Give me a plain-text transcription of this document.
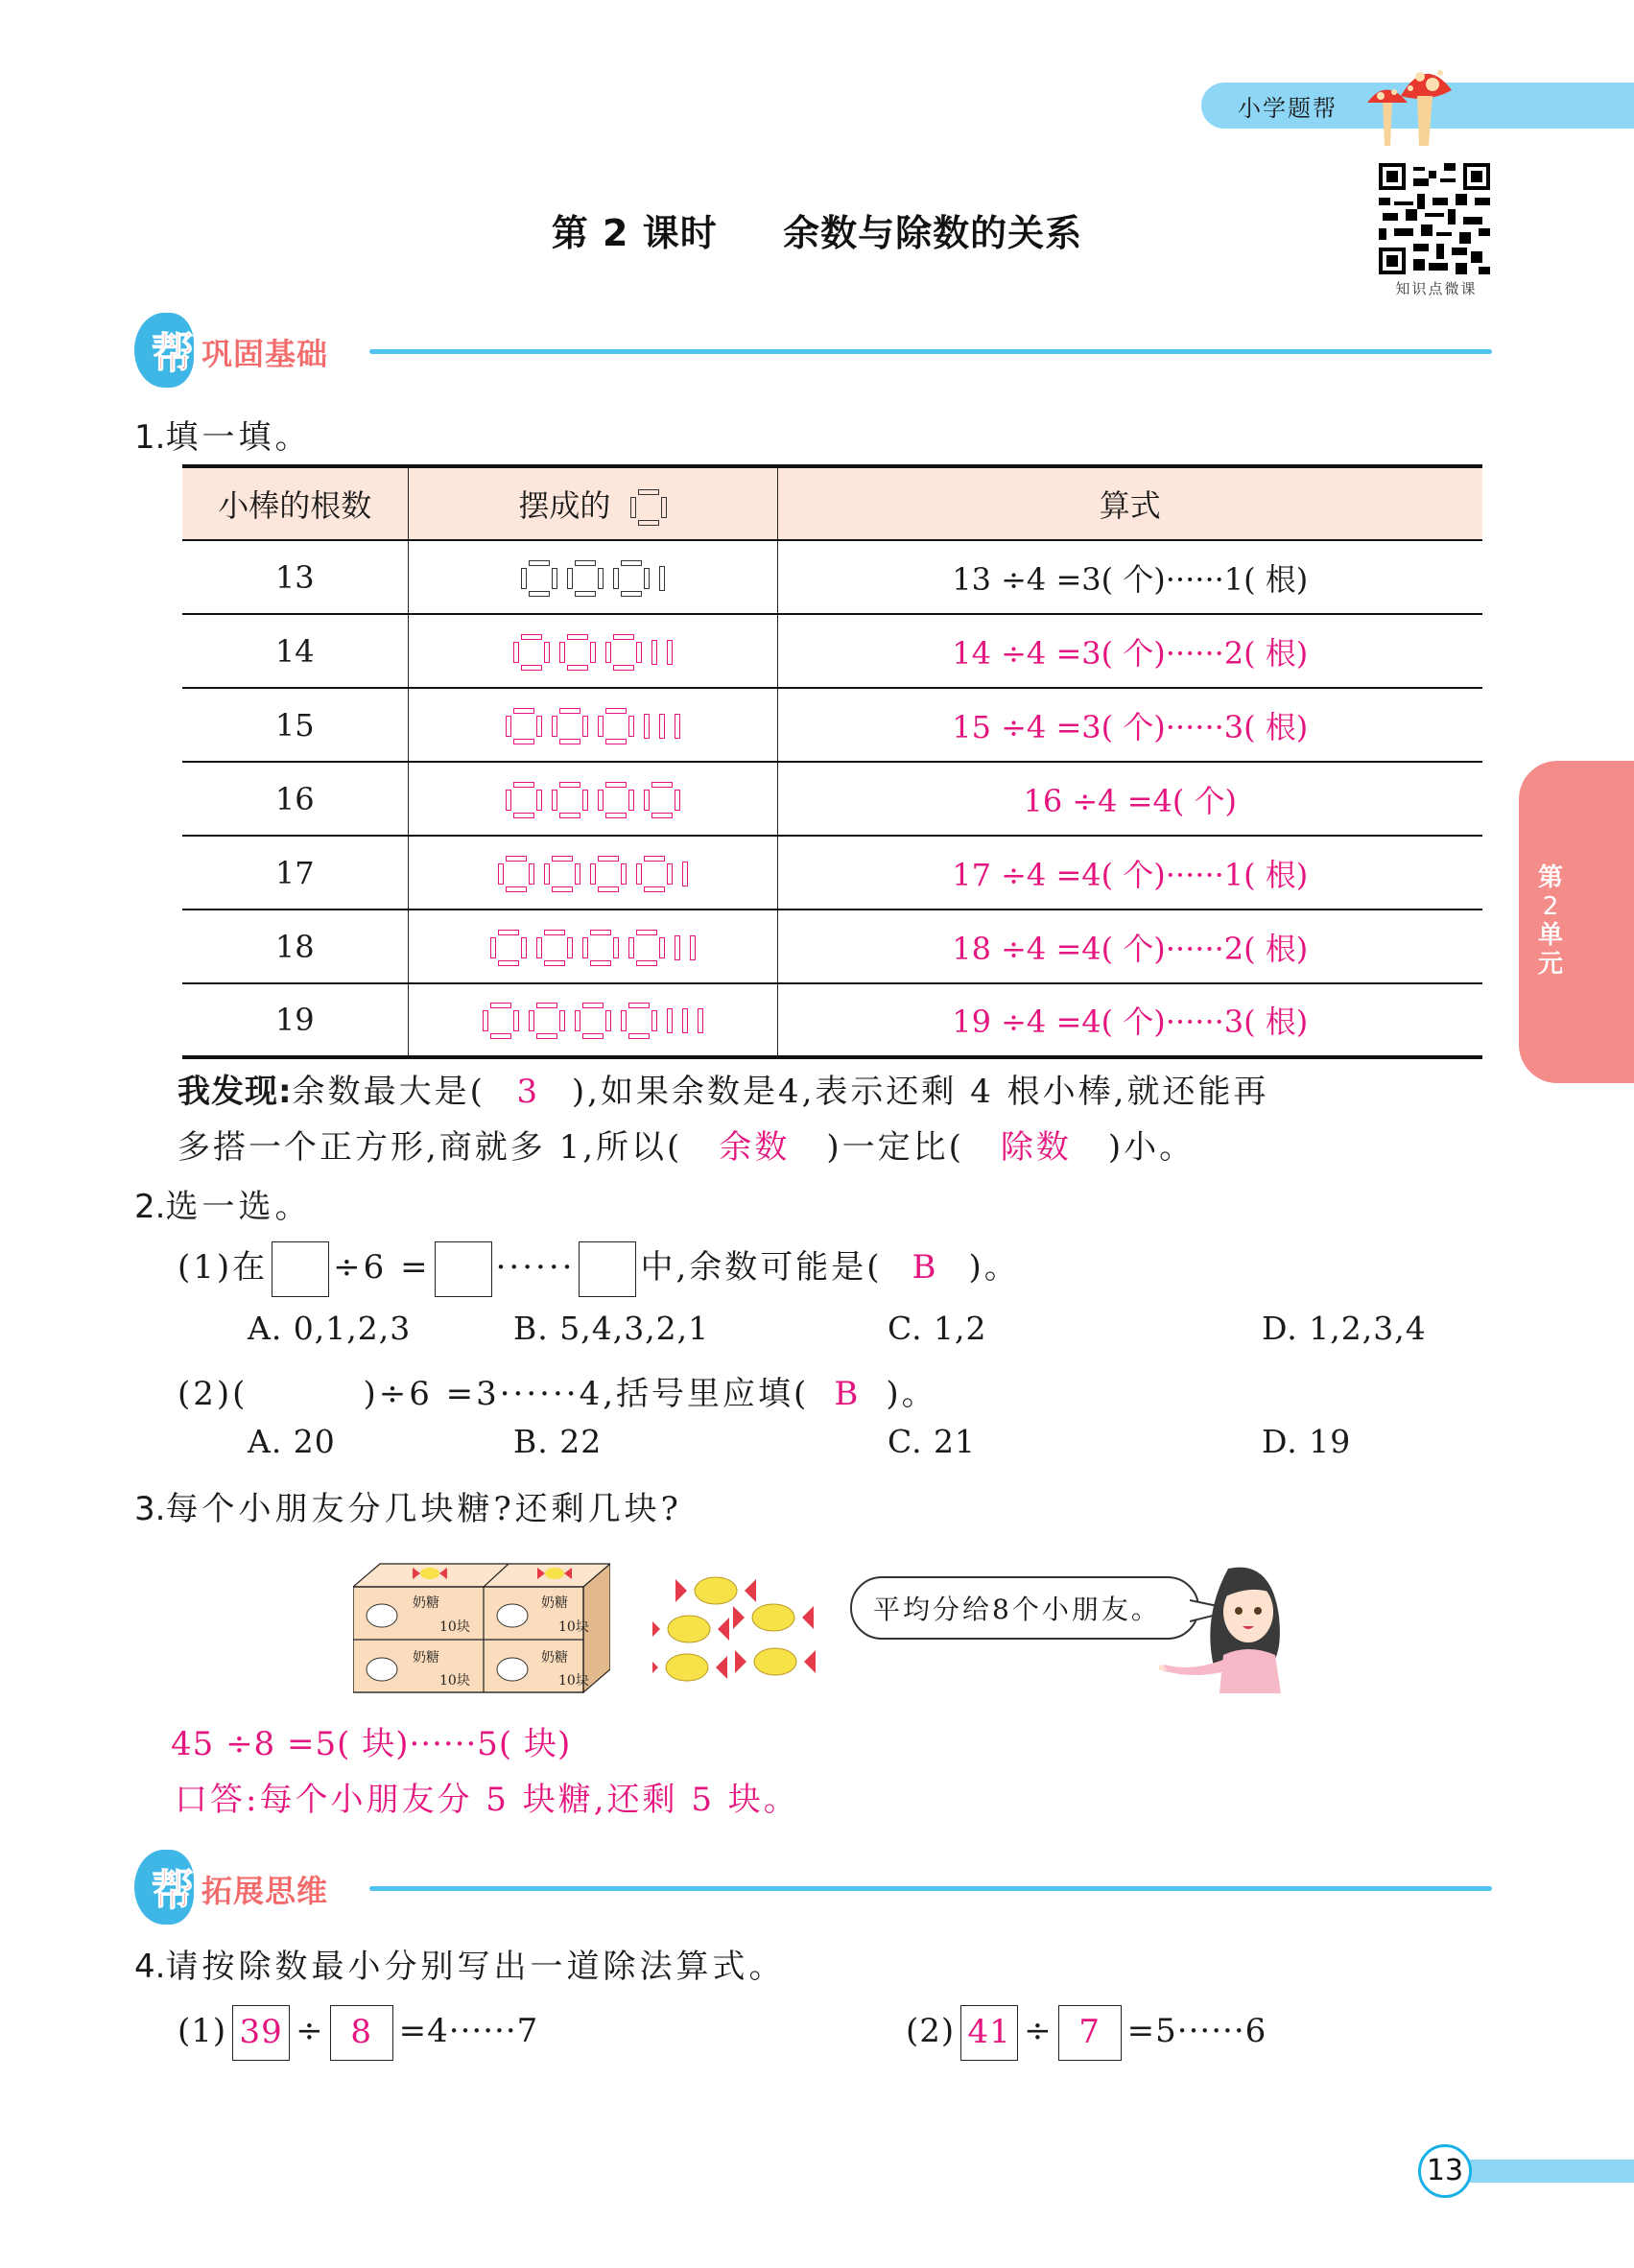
小学题帮
知识点微课
第 2 课时 余数与除数的关系
帮 巩固基础
1.填一填。
小棒的根数	摆成的	算式
13		13 ÷4 =3( 个)······1( 根)
14		14 ÷4 =3( 个)······2( 根)
15		15 ÷4 =3( 个)······3( 根)
16		16 ÷4 =4( 个)
17		17 ÷4 =4( 个)······1( 根)
18		18 ÷4 =4( 个)······2( 根)
19		19 ÷4 =4( 个)······3( 根)
我发现:余数最大是( 3 ),如果余数是4,表示还剩 4 根小棒,就还能再
多搭一个正方形,商就多 1,所以( 余数 )一定比( 除数 )小。
2.选一选。
(1)在 ÷6 = ······ 中,余数可能是( B )。
A. 0,1,2,3	B. 5,4,3,2,1	C. 1,2	D. 1,2,3,4
(2)(	)÷6 =3······4,括号里应填( B )。
A. 20	B. 22	C. 21	D. 19
3.每个小朋友分几块糖?还剩几块?
奶糖
10块
奶糖
10块
奶糖
10块
奶糖
10块
平均分给8个小朋友。
45 ÷8 =5( 块)······5( 块)
口答:每个小朋友分 5 块糖,还剩 5 块。
帮 拓展思维
4.请按除数最小分别写出一道除法算式。
(1) 39 ÷ 8 =4······7	(2) 41 ÷ 7 =5······6
第
2
单
元
13
